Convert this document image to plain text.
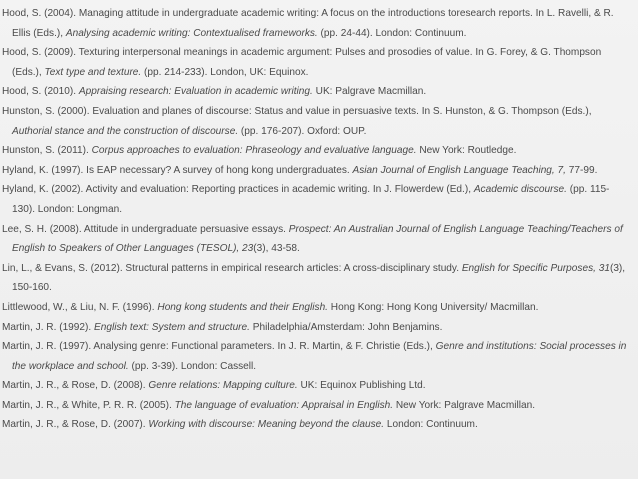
Hood, S. (2004). Managing attitude in undergraduate academic writing: A focus on the introductions toresearch reports. In L. Ravelli, & R. Ellis (Eds.), Analysing academic writing: Contextualised frameworks. (pp. 24-44). London: Continuum.
Hood, S. (2009). Texturing interpersonal meanings in academic argument: Pulses and prosodies of value. In G. Forey, & G. Thompson (Eds.), Text type and texture. (pp. 214-233). London, UK: Equinox.
Hood, S. (2010). Appraising research: Evaluation in academic writing. UK: Palgrave Macmillan.
Hunston, S. (2000). Evaluation and planes of discourse: Status and value in persuasive texts. In S. Hunston, & G. Thompson (Eds.), Authorial stance and the construction of discourse. (pp. 176-207). Oxford: OUP.
Hunston, S. (2011). Corpus approaches to evaluation: Phraseology and evaluative language. New York: Routledge.
Hyland, K. (1997). Is EAP necessary? A survey of hong kong undergraduates. Asian Journal of English Language Teaching, 7, 77-99.
Hyland, K. (2002). Activity and evaluation: Reporting practices in academic writing. In J. Flowerdew (Ed.), Academic discourse. (pp. 115-130). London: Longman.
Lee, S. H. (2008). Attitude in undergraduate persuasive essays. Prospect: An Australian Journal of English Language Teaching/Teachers of English to Speakers of Other Languages (TESOL), 23(3), 43-58.
Lin, L., & Evans, S. (2012). Structural patterns in empirical research articles: A cross-disciplinary study. English for Specific Purposes, 31(3), 150-160.
Littlewood, W., & Liu, N. F. (1996). Hong kong students and their English. Hong Kong: Hong Kong University/ Macmillan.
Martin, J. R. (1992). English text: System and structure. Philadelphia/Amsterdam: John Benjamins.
Martin, J. R. (1997). Analysing genre: Functional parameters. In J. R. Martin, & F. Christie (Eds.), Genre and institutions: Social processes in the workplace and school. (pp. 3-39). London: Cassell.
Martin, J. R., & Rose, D. (2008). Genre relations: Mapping culture. UK: Equinox Publishing Ltd.
Martin, J. R., & White, P. R. R. (2005). The language of evaluation: Appraisal in English. New York: Palgrave Macmillan.
Martin, J. R., & Rose, D. (2007). Working with discourse: Meaning beyond the clause. London: Continuum.
